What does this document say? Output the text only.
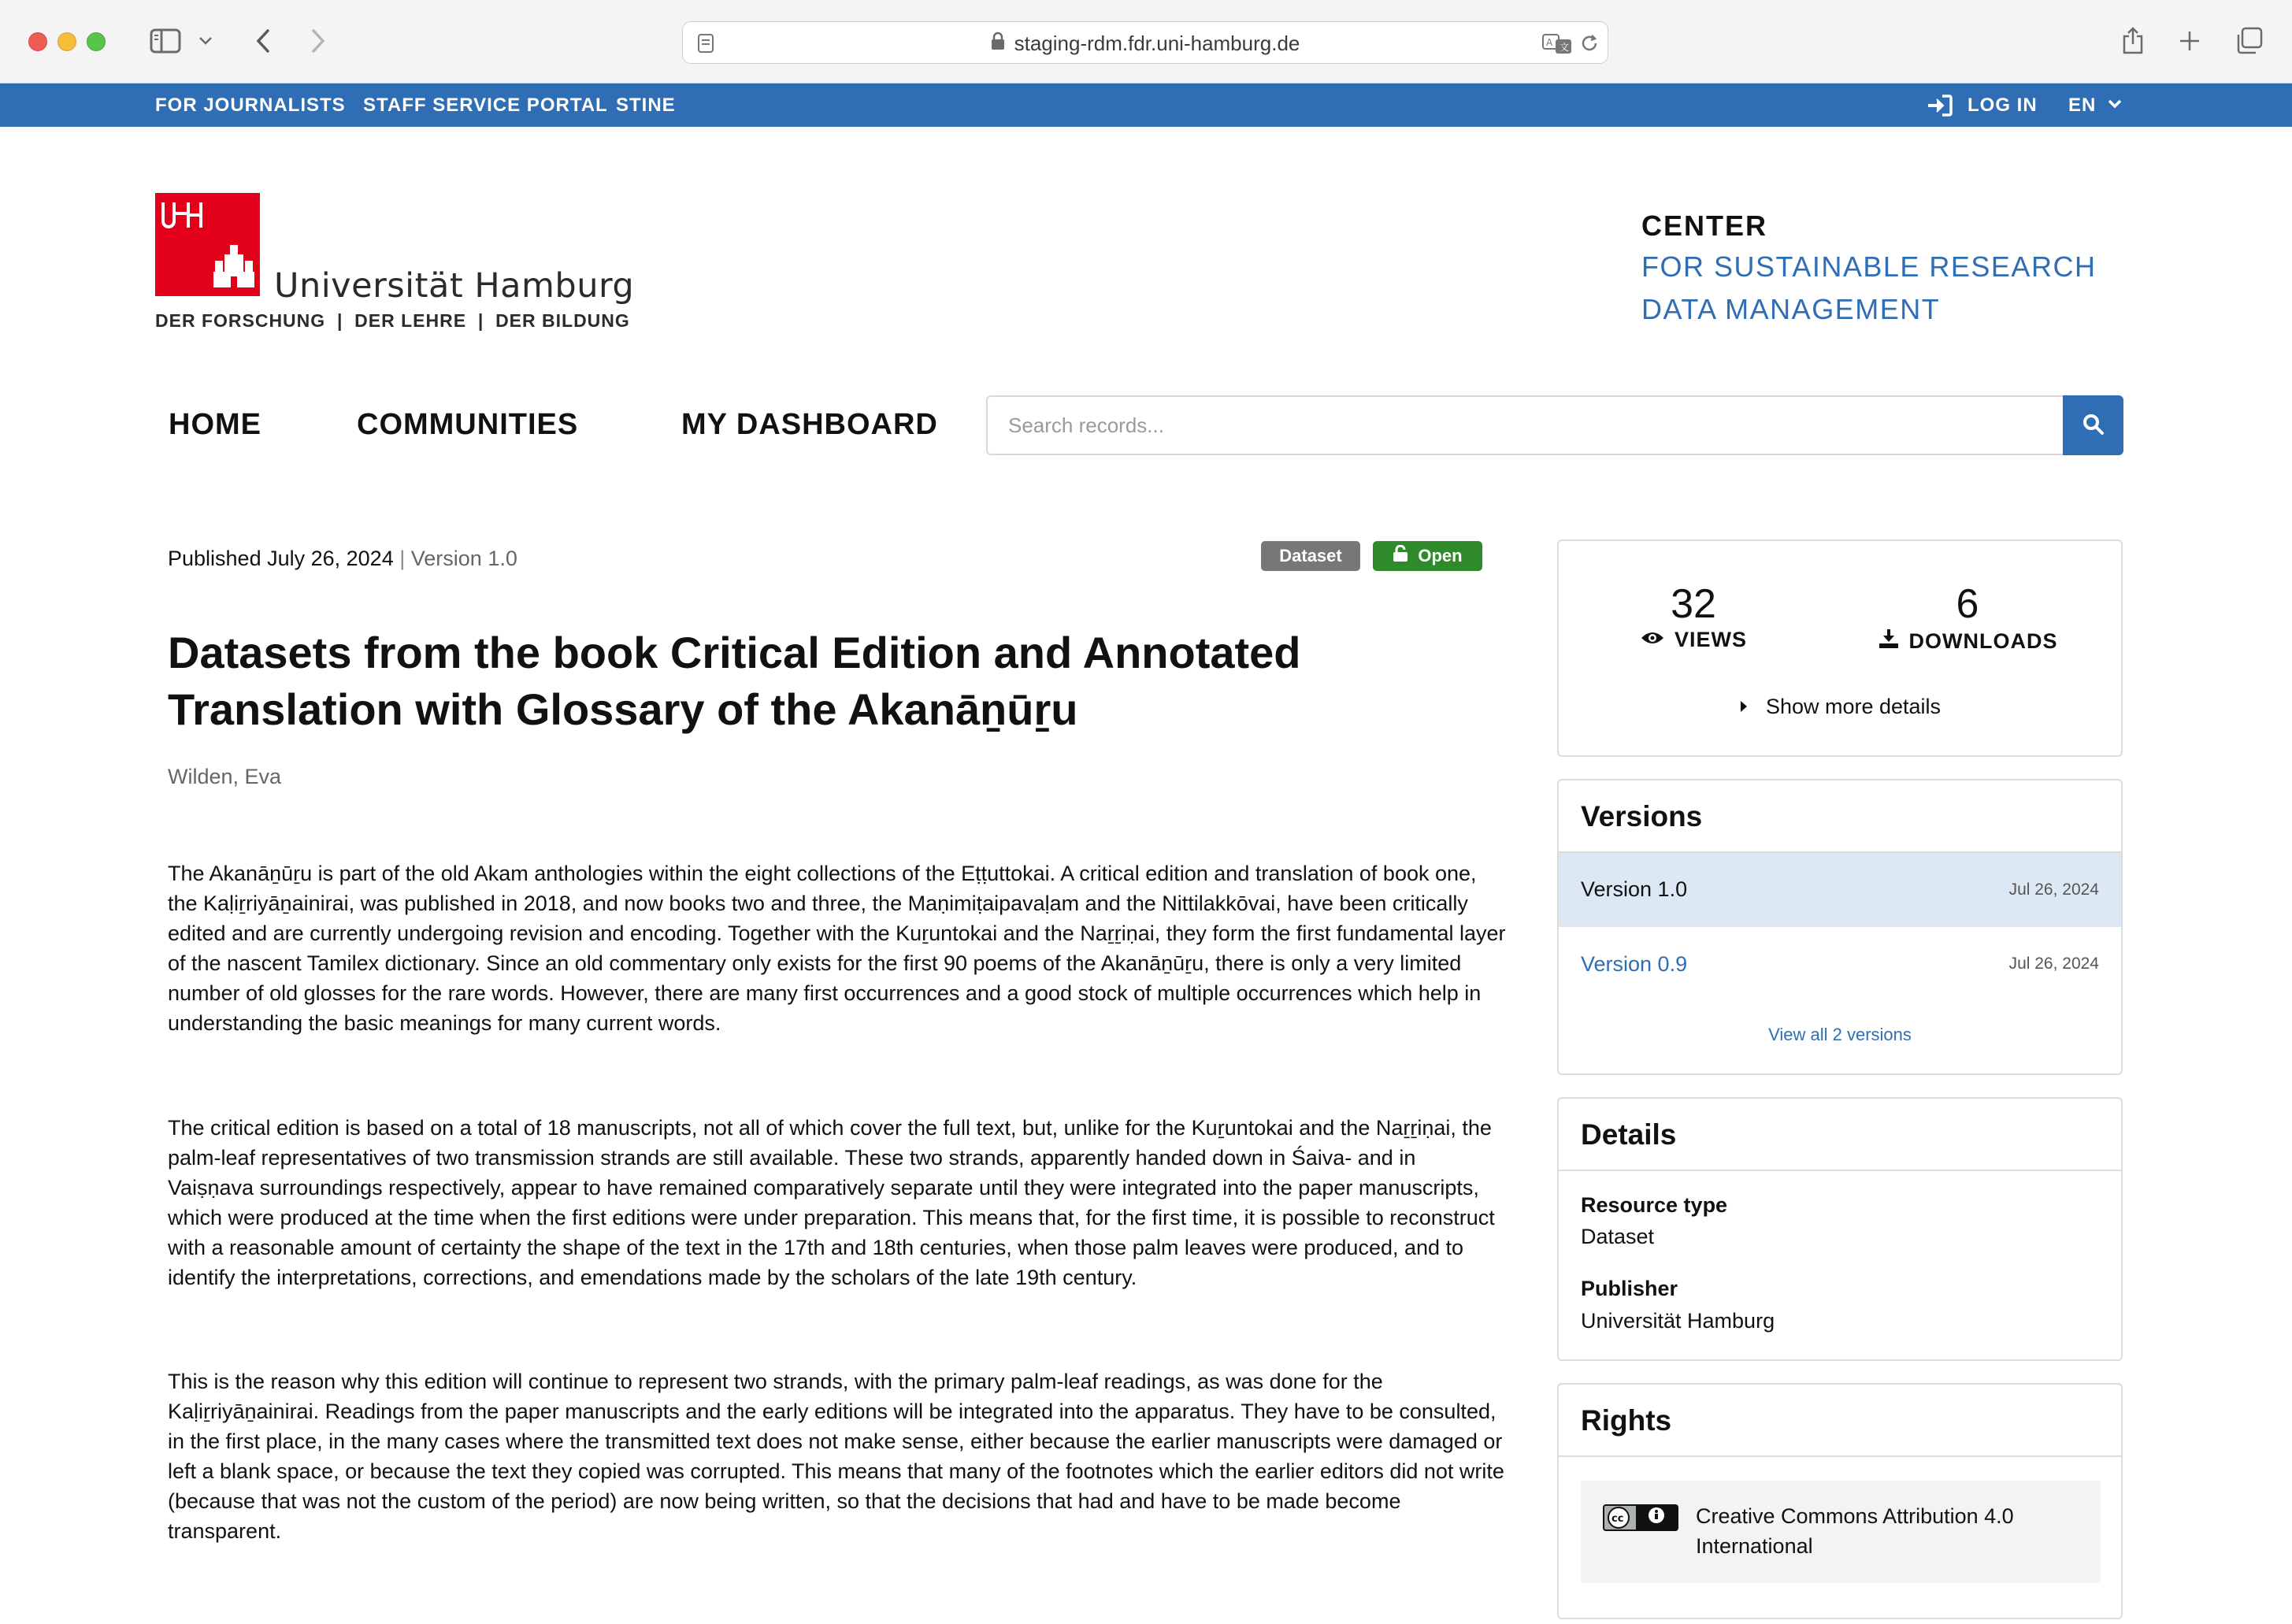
staging-rdm.fdr.uni-hamburg.de	A 文
FOR JOURNALISTS STAFF SERVICE PORTAL STINE	LOG IN EN
Universität Hamburg
DER FORSCHUNG  |  DER LEHRE  |  DER BILDUNG
CENTER
FOR SUSTAINABLE RESEARCH
DATA MANAGEMENT
HOME	COMMUNITIES	MY DASHBOARD
Search records...
Published July 26, 2024 | Version 1.0	Dataset	Open
Datasets from the book Critical Edition and Annotated Translation with Glossary of the Akanāṉūṟu
Wilden, Eva

The Akanāṉūṟu is part of the old Akam anthologies within the eight collections of the Eṭṭuttokai. A critical edition and translation of book one, the Kaḷiṟriyāṉainirai, was published in 2018, and now books two and three, the Maṇimiṭaipavaḷam and the Nittilakkōvai, have been critically edited and are currently undergoing revision and encoding. Together with the Kuṟuntokai and the Naṟṟiṇai, they form the first fundamental layer of the nascent Tamilex dictionary. Since an old commentary only exists for the first 90 poems of the Akanāṉūṟu, there is only a very limited number of old glosses for the rare words. However, there are many first occurrences and a good stock of multiple occurrences which help in understanding the basic meanings for many current words.

The critical edition is based on a total of 18 manuscripts, not all of which cover the full text, but, unlike for the Kuṟuntokai and the Naṟṟiṇai, the palm-leaf representatives of two transmission strands are still available. These two strands, apparently handed down in Śaiva- and in Vaiṣṇava surroundings respectively, appear to have remained comparatively separate until they were integrated into the paper manuscripts, which were produced at the time when the first editions were under preparation. This means that, for the first time, it is possible to reconstruct with a reasonable amount of certainty the shape of the text in the 17th and 18th centuries, when those palm leaves were produced, and to identify the interpretations, corrections, and emendations made by the scholars of the late 19th century.

This is the reason why this edition will continue to represent two strands, with the primary palm-leaf readings, as was done for the Kaḷiṟriyāṉainirai. Readings from the paper manuscripts and the early editions will be integrated into the apparatus. They have to be consulted, in the first place, in the many cases where the transmitted text does not make sense, either because the earlier manuscripts were damaged or left a blank space, or because the text they copied was corrupted. This means that many of the footnotes which the earlier editors did not write (because that was not the custom of the period) are now being written, so that the decisions that had and have to be made become transparent.

32
VIEWS
6
DOWNLOADS
Show more details
Versions
Version 1.0	Jul 26, 2024
Version 0.9	Jul 26, 2024
View all 2 versions
Details
Resource type
Dataset
Publisher
Universität Hamburg
Rights
cc	Creative Commons Attribution 4.0 International
